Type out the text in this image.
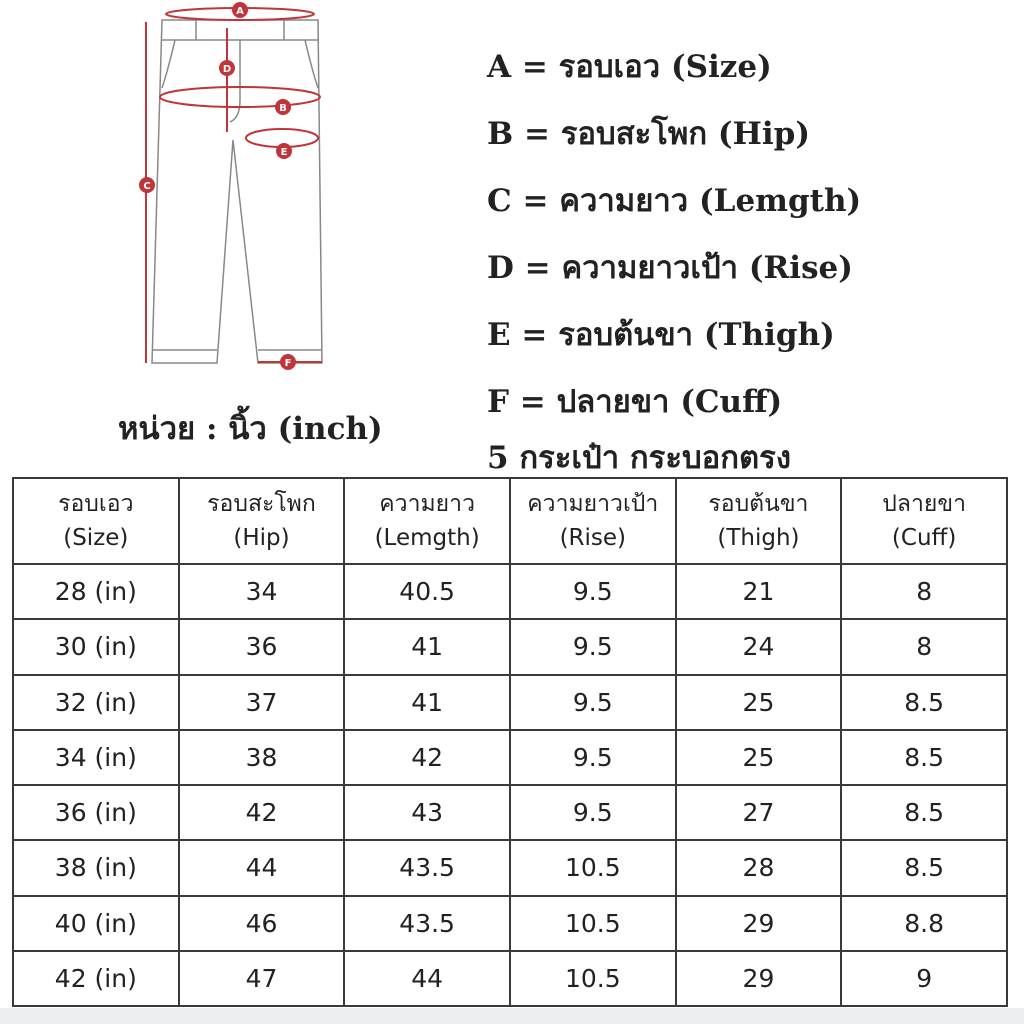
A
B
C
D
E
F
หน่วย : นิ้ว (inch)
A = รอบเอว (Size)
B = รอบสะโพก (Hip)
C = ความยาว (Lemgth)
D = ความยาวเป้า (Rise)
E = รอบต้นขา (Thigh)
F = ปลายขา (Cuff)
5 กระเป๋า กระบอกตรง
รอบเอว
(Size)	รอบสะโพก
(Hip)	ความยาว
(Lemgth)	ความยาวเป้า
(Rise)	รอบต้นขา
(Thigh)	ปลายขา
(Cuff)

28 (in)	34	40.5	9.5	21	8
30 (in)	36	41	9.5	24	8
32 (in)	37	41	9.5	25	8.5
34 (in)	38	42	9.5	25	8.5
36 (in)	42	43	9.5	27	8.5
38 (in)	44	43.5	10.5	28	8.5
40 (in)	46	43.5	10.5	29	8.8
42 (in)	47	44	10.5	29	9
